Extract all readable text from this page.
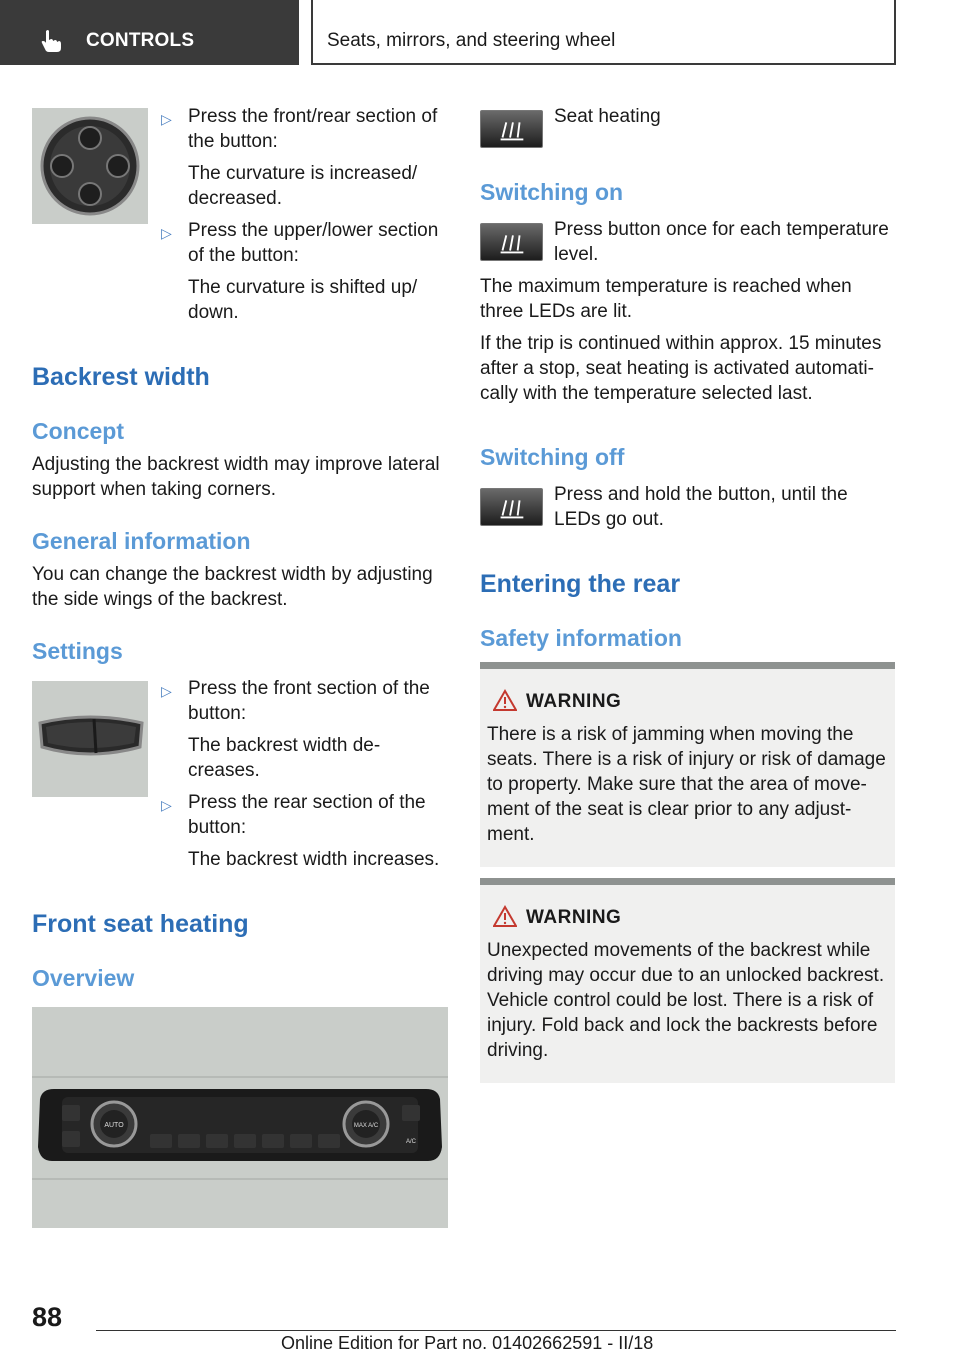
CONTROLS	Seats, mirrors, and steering wheel
▷ Press the front/rear section of the button:
The curvature is increased/ decreased.
▷ Press the upper/lower section of the button:
The curvature is shifted up/ down.
Backrest width
Concept
Adjusting the backrest width may improve lateral support when taking corners.
General information
You can change the backrest width by adjusting the side wings of the backrest.
Settings
▷ Press the front section of the button:
The backrest width de- creases.
▷ Press the rear section of the button:
The backrest width increases.
Front seat heating
Overview
AUTO	MAX A/C
A/C
Seat heating
Switching on
Press button once for each temperature level.
The maximum temperature is reached when three LEDs are lit.
If the trip is continued within approx. 15 minutes after a stop, seat heating is activated automati- cally with the temperature selected last.
Switching off
Press and hold the button, until the LEDs go out.
Entering the rear
Safety information
WARNING
There is a risk of jamming when moving the seats. There is a risk of injury or risk of damage to property. Make sure that the area of move- ment of the seat is clear prior to any adjust- ment.
WARNING
Unexpected movements of the backrest while driving may occur due to an unlocked backrest. Vehicle control could be lost. There is a risk of injury. Fold back and lock the backrests before driving.
88
Online Edition for Part no. 01402662591 - II/18
